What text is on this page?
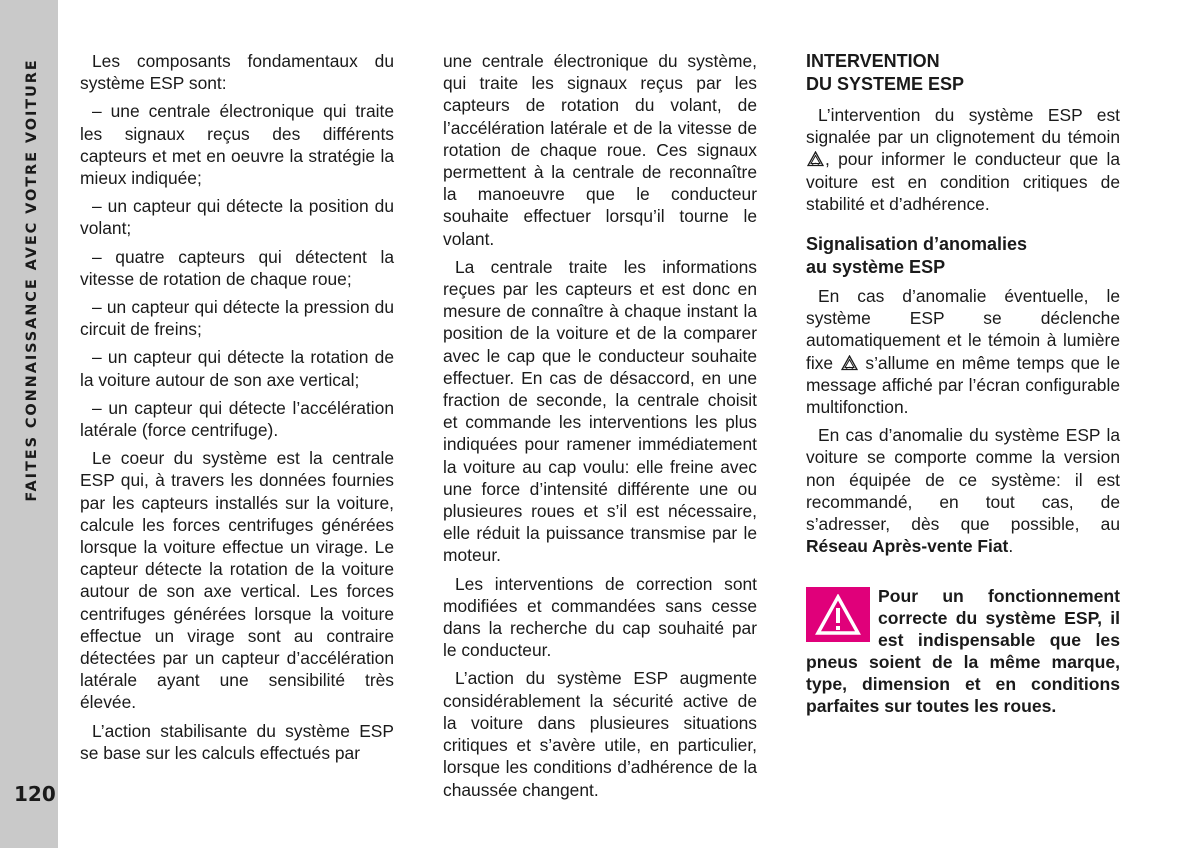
FAITES CONNAISSANCE AVEC VOTRE VOITURE
120

Les composants fondamentaux du système ESP sont:

– une centrale électronique qui traite les signaux reçus des différents capteurs et met en oeuvre la stratégie la mieux indiquée;

– un capteur qui détecte la position du volant;

– quatre capteurs qui détectent la vitesse de rotation de chaque roue;

– un capteur qui détecte la pression du circuit de freins;

– un capteur qui détecte la rotation de la voiture autour de son axe vertical;

– un capteur qui détecte l’accélération latérale (force centrifuge).

Le coeur du système est la centrale ESP qui, à travers les données fournies par les capteurs installés sur la voiture, calcule les forces centrifuges générées lorsque la voiture effectue un virage. Le capteur détecte la rotation de la voiture autour de son axe vertical. Les forces centrifuges générées lorsque la voiture effectue un virage sont au contraire détectées par un capteur d’accélération latérale ayant une sensibilité très élevée.

L’action stabilisante du système ESP se base sur les calculs effectués par

une centrale électronique du système, qui traite les signaux reçus par les capteurs de rotation du volant, de l’accélération latérale et de la vitesse de rotation de chaque roue. Ces signaux permettent à la centrale de reconnaître la manoeuvre que le conducteur souhaite effectuer lorsqu’il tourne le volant.

La centrale traite les informations reçues par les capteurs et est donc en mesure de connaître à chaque instant la position de la voiture et de la comparer avec le cap que le conducteur souhaite effectuer. En cas de désaccord, en une fraction de seconde, la centrale choisit et commande les interventions les plus indiquées pour ramener immédiatement la voiture au cap voulu: elle freine avec une force d’intensité différente une ou plusieures roues et s’il est nécessaire, elle réduit la puissance transmise par le moteur.

Les interventions de correction sont modifiées et commandées sans cesse dans la recherche du cap souhaité par le conducteur.

L’action du système ESP augmente considérablement la sécurité active de la voiture dans plusieures situations critiques et s’avère utile, en particulier, lorsque les conditions d’adhérence de la chaussée changent.

INTERVENTION
DU SYSTEME ESP

L’intervention du système ESP est signalée par un clignotement du témoin , pour informer le conducteur que la voiture est en condition critiques de stabilité et d’adhérence.

Signalisation d’anomalies
au système ESP

En cas d’anomalie éventuelle, le système ESP se déclenche automatiquement et le témoin à lumière fixe s’allume en même temps que le message affiché par l’écran configurable multifonction.

En cas d’anomalie du système ESP la voiture se comporte comme la version non équipée de ce système: il est recommandé, en tout cas, de s’adresser, dès que possible, au Réseau Après-vente Fiat.

Pour un fonctionnement correcte du système ESP, il est indispensable que les pneus soient de la même marque, type, dimension et en conditions parfaites sur toutes les roues.
